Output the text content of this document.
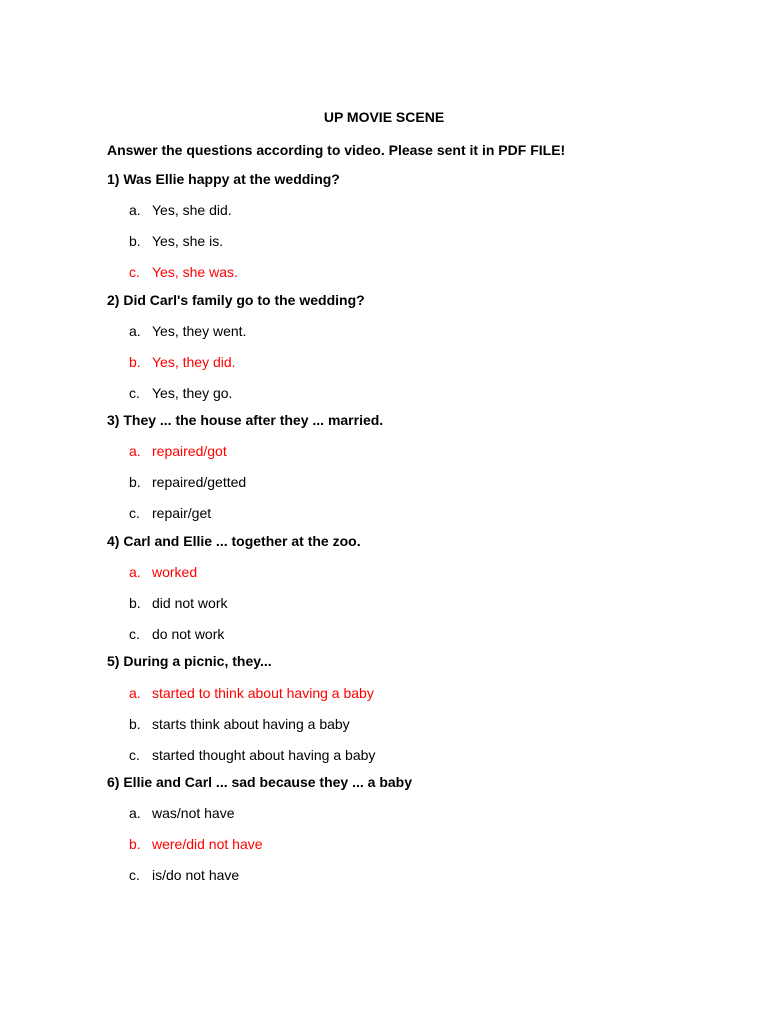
UP MOVIE SCENE
Answer the questions according to video. Please sent it in PDF FILE!
1) Was Ellie happy at the wedding?
a. Yes, she did.
b. Yes, she is.
c. Yes, she was.
2) Did Carl's family go to the wedding?
a. Yes, they went.
b. Yes, they did.
c. Yes, they go.
3) They ... the house after they ... married.
a. repaired/got
b. repaired/getted
c. repair/get
4) Carl and Ellie ... together at the zoo.
a. worked
b. did not work
c. do not work
5) During a picnic, they...
a. started to think about having a baby
b. starts think about having a baby
c. started thought about having a baby
6) Ellie and Carl ... sad because they ... a baby
a. was/not have
b. were/did not have
c. is/do not have
